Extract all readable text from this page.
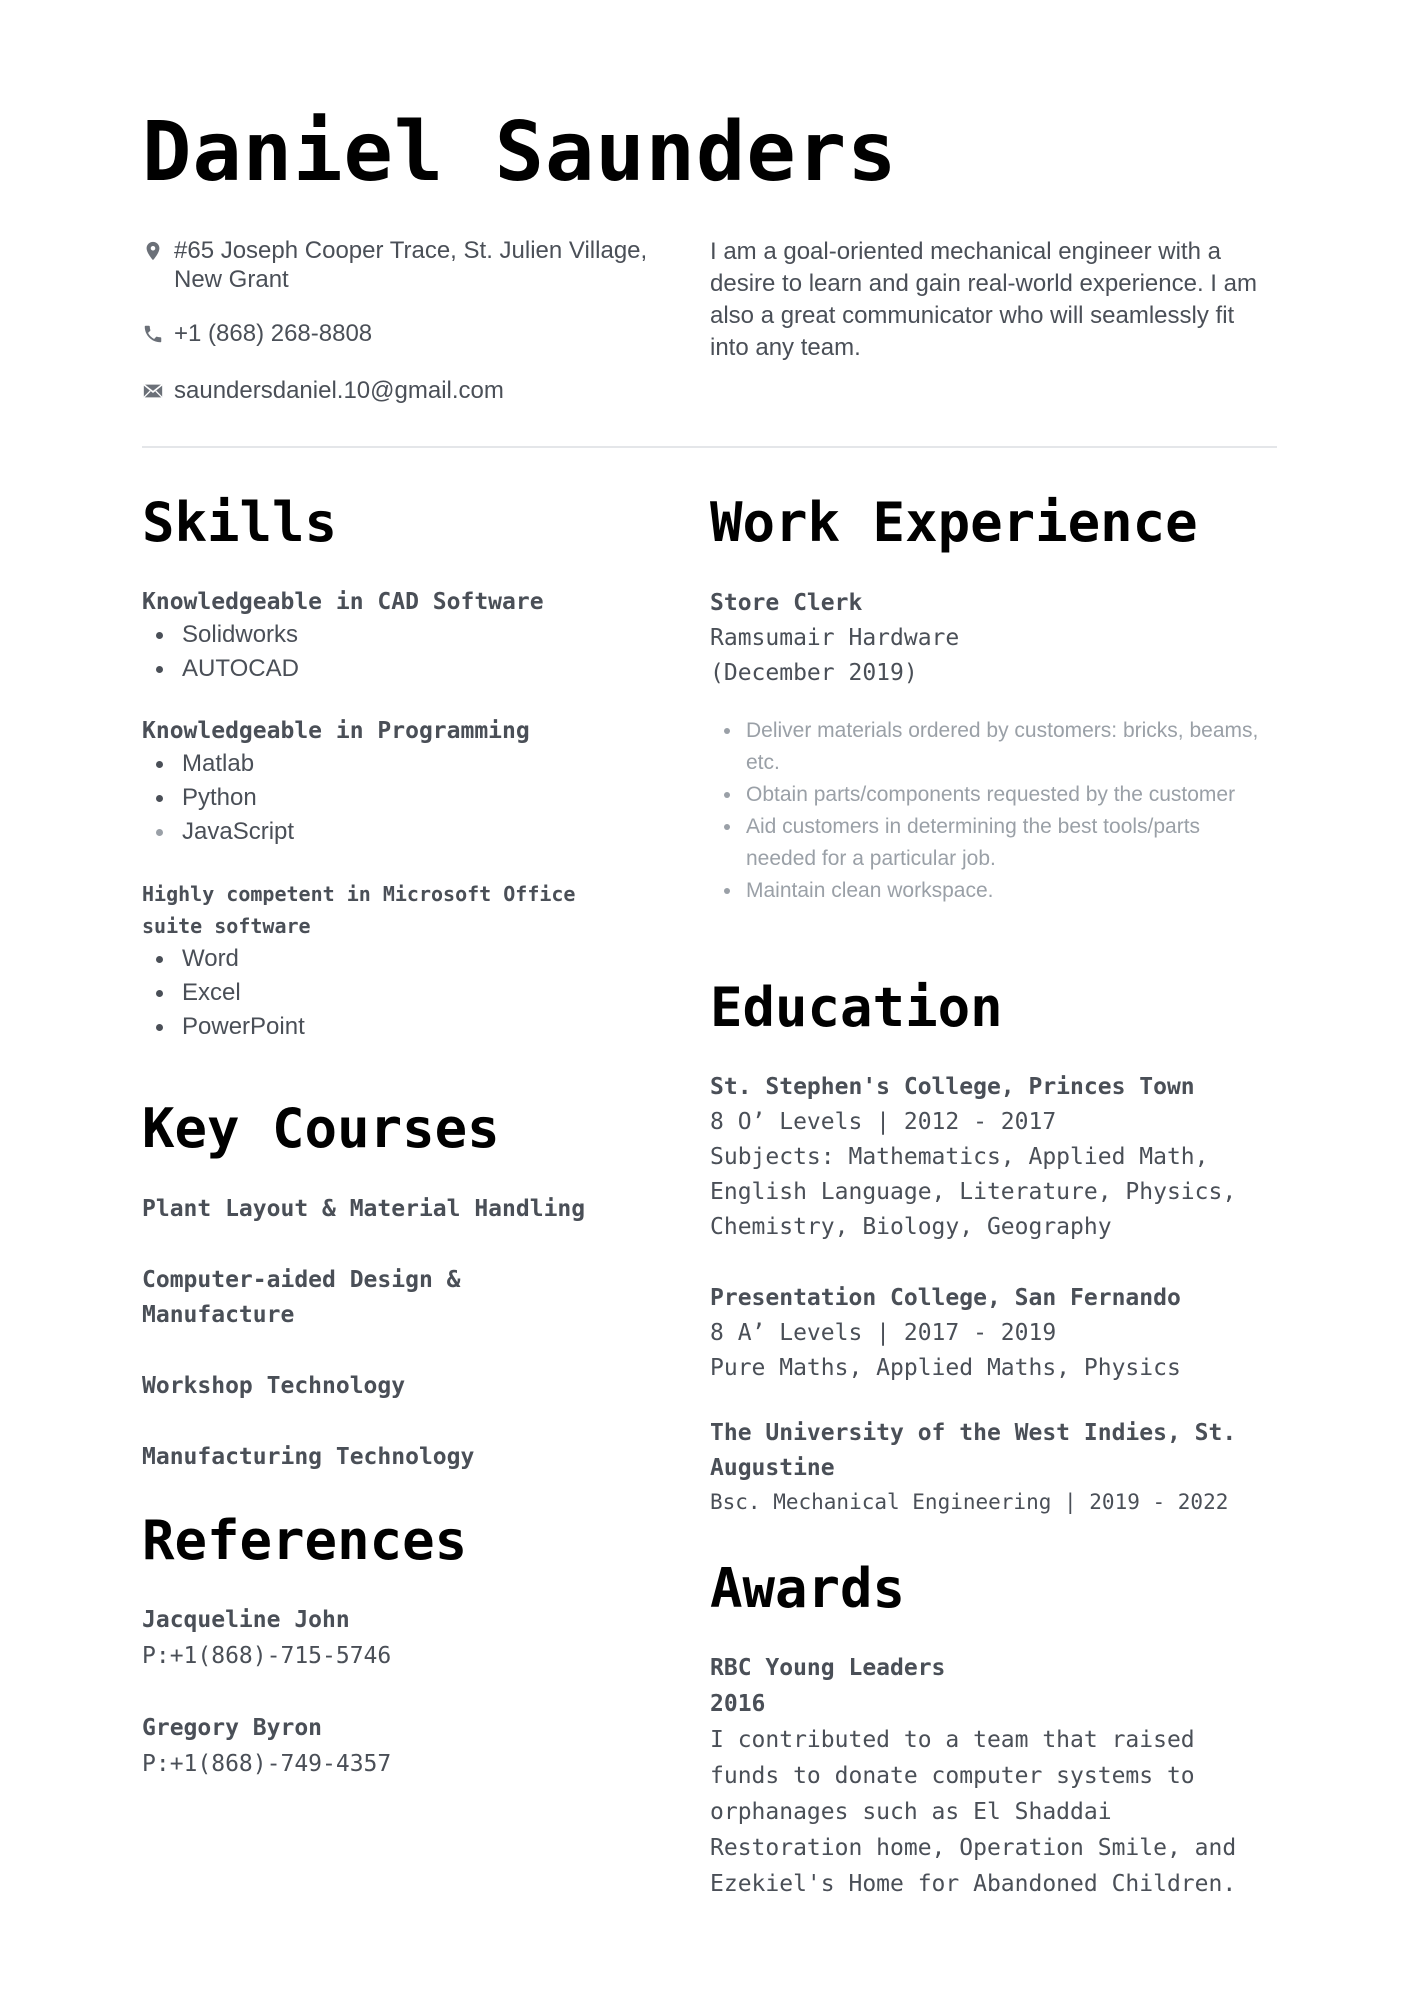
Daniel Saunders
#65 Joseph Cooper Trace, St. Julien Village, New Grant
+1 (868) 268-8808
saundersdaniel.10@gmail.com

I am a goal-oriented mechanical engineer with a desire to learn and gain real-world experience. I am also a great communicator who will seamlessly fit into any team.

Skills
Knowledgeable in CAD Software
Solidworks
AUTOCAD
Knowledgeable in Programming
Matlab
Python
JavaScript
Highly competent in Microsoft Office suite software
Word
Excel
PowerPoint
Key Courses
Plant Layout & Material Handling
Computer-aided Design & Manufacture
Workshop Technology
Manufacturing Technology
References
Jacqueline John
P:+1(868)-715-5746
Gregory Byron
P:+1(868)-749-4357
Work Experience
Store Clerk
Ramsumair Hardware
(December 2019)
Deliver materials ordered by customers: bricks, beams, etc.
Obtain parts/components requested by the customer
Aid customers in determining the best tools/parts needed for a particular job.
Maintain clean workspace.
Education
St. Stephen's College, Princes Town
8 O’ Levels | 2012 - 2017
Subjects: Mathematics, Applied Math, English Language, Literature, Physics, Chemistry, Biology, Geography
Presentation College, San Fernando
8 A’ Levels | 2017 - 2019
Pure Maths, Applied Maths, Physics
The University of the West Indies, St. Augustine
Bsc. Mechanical Engineering | 2019 - 2022
Awards
RBC Young Leaders
2016
I contributed to a team that raised funds to donate computer systems to orphanages such as El Shaddai Restoration home, Operation Smile, and Ezekiel's Home for Abandoned Children.
